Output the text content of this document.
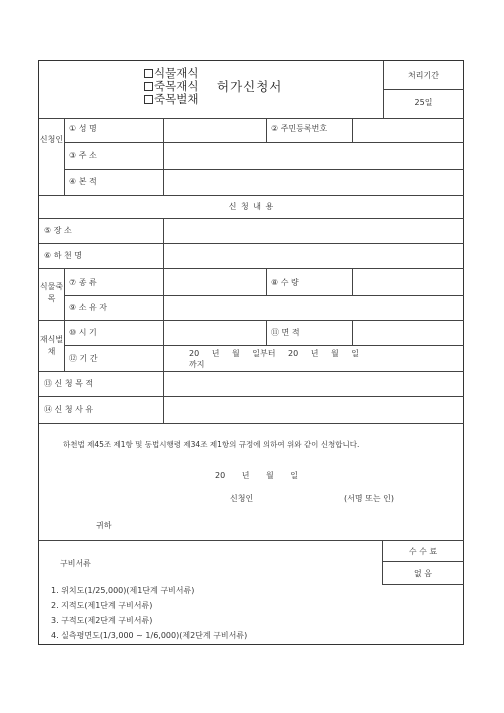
식물재식
죽목재식
죽목벌채
허가신청서
처리기간
25일
신청인
① 성 명	② 주민등록번호
③ 주 소
④ 본 적
신 청 내 용
⑤ 장 소
⑥ 하 천 명
식물죽목
⑦ 종 류	⑧ 수 량
⑨ 소 유 자
재식벌채
⑩ 시 기	⑪ 면 적
⑫ 기 간
20 년 월 일부터 20 년 월 일
까지
⑬ 신 청 목 적
⑭ 신 청 사 유
하천법 제45조 제1항 및 동법시행령 제34조 제1항의 규정에 의하여 위와 같이 신청합니다.
20 년 월 일
신청인	(서명 또는 인)
귀하
구비서류
1. 위치도(1/25,000)(제1단계 구비서류)
2. 지적도(제1단계 구비서류)
3. 구적도(제2단계 구비서류)
4. 실측평면도(1/3,000 ~ 1/6,000)(제2단계 구비서류)
수 수 료
없 음
